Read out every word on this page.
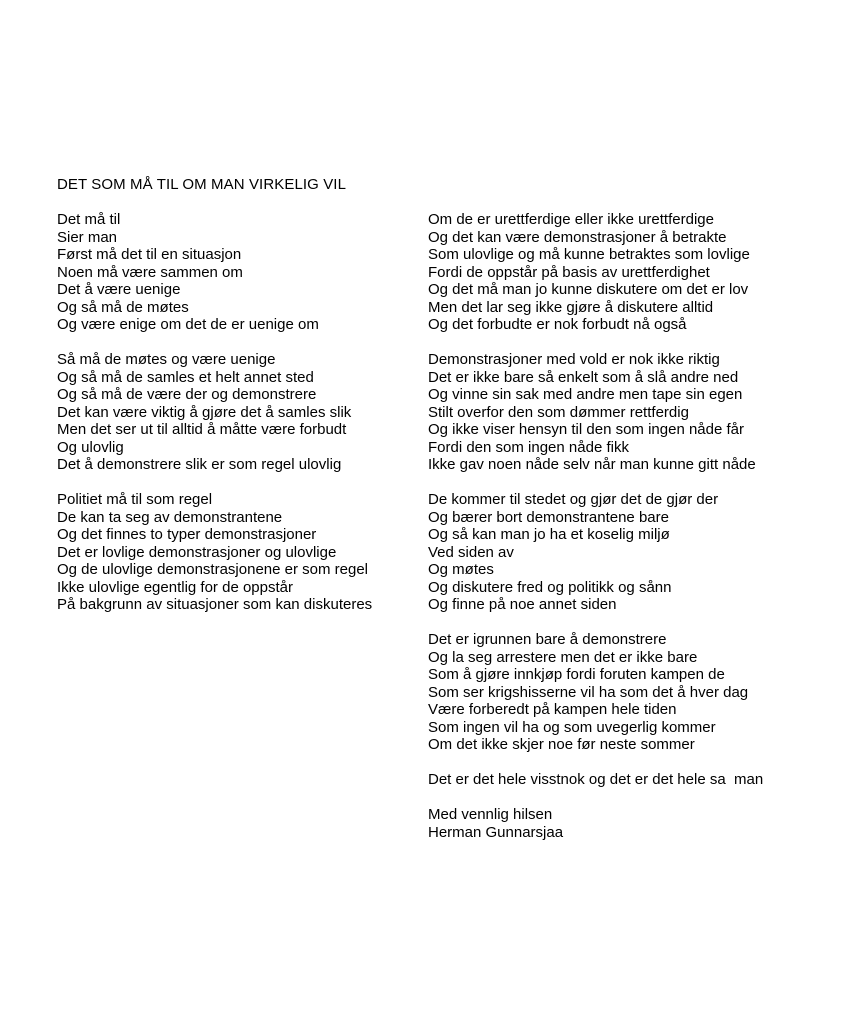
DET SOM MÅ TIL OM MAN VIRKELIG VIL
Det må til
Sier man
Først må det til en situasjon
Noen må være sammen om
Det å være uenige
Og så må de møtes
Og være enige om det de er uenige om
Så må de møtes og være uenige
Og så må de samles et helt annet sted
Og så må de være der og demonstrere
Det kan være viktig å gjøre det å samles slik
Men det ser ut til alltid å måtte være forbudt
Og ulovlig
Det å demonstrere slik er som regel ulovlig
Politiet må til som regel
De kan ta seg av demonstrantene
Og det finnes to typer demonstrasjoner
Det er lovlige demonstrasjoner og ulovlige
Og de ulovlige demonstrasjonene er som regel
Ikke ulovlige egentlig for de oppstår
På bakgrunn av situasjoner som kan diskuteres
Om de er urettferdige eller ikke urettferdige
Og det kan være demonstrasjoner å betrakte
Som ulovlige og må kunne betraktes som lovlige
Fordi de oppstår på basis av urettferdighet
Og det må man jo kunne diskutere om det er lov
Men det lar seg ikke gjøre å diskutere alltid
Og det forbudte er nok forbudt nå også
Demonstrasjoner med vold er nok ikke riktig
Det er ikke bare så enkelt som å slå andre ned
Og vinne sin sak med andre men tape sin egen
Stilt overfor den som dømmer rettferdig
Og ikke viser hensyn til den som ingen nåde får
Fordi den som ingen nåde fikk
Ikke gav noen nåde selv når man kunne gitt nåde
De kommer til stedet og gjør det de gjør der
Og bærer bort demonstrantene bare
Og så kan man jo ha et koselig miljø
Ved siden av
Og møtes
Og diskutere fred og politikk og sånn
Og finne på noe annet siden
Det er igrunnen bare å demonstrere
Og la seg arrestere men det er ikke bare
Som å gjøre innkjøp fordi foruten kampen de
Som ser krigshisserne vil ha som det å hver dag
Være forberedt på kampen hele tiden
Som ingen vil ha og som uvegerlig kommer
Om det ikke skjer noe før neste sommer
Det er det hele visstnok og det er det hele sa  man
Med vennlig hilsen
Herman Gunnarsjaa
